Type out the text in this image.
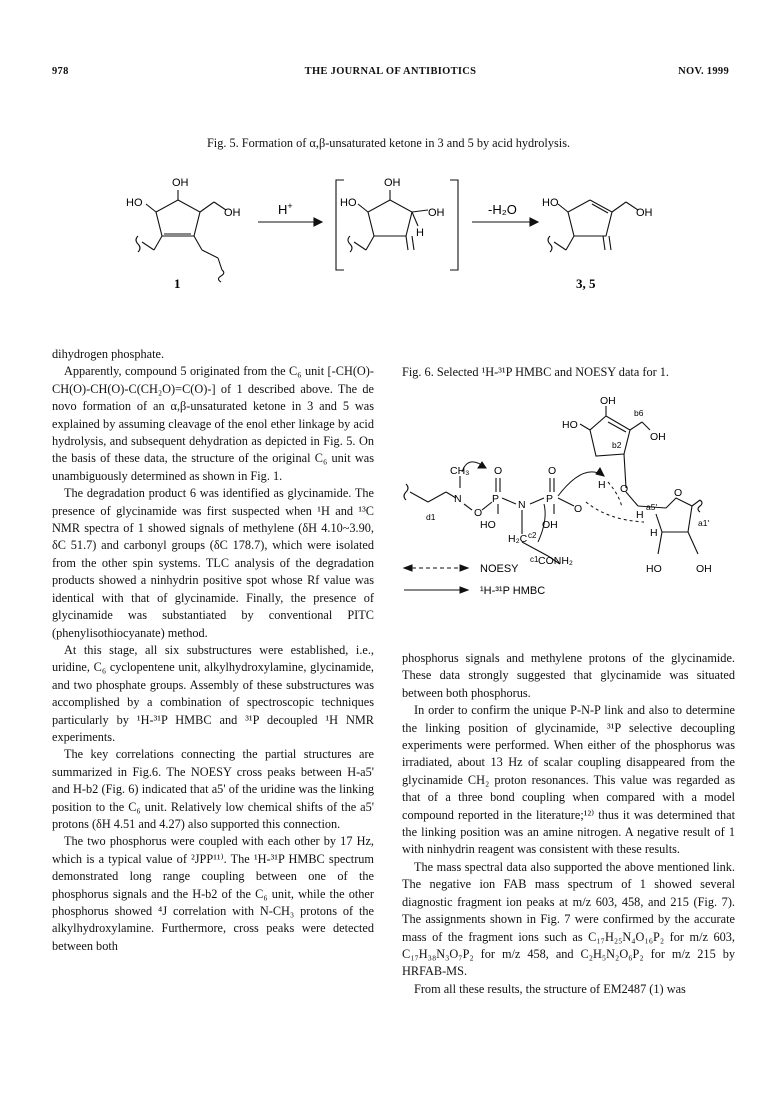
978	THE JOURNAL OF ANTIBIOTICS	NOV. 1999
Fig. 5. Formation of α,β-unsaturated ketone in 3 and 5 by acid hydrolysis.
OH
HO
OH
1
H+
OH
HO
OH
H
-H₂O HO
OH
3, 5

dihydrogen phosphate.

Apparently, compound 5 originated from the C₆ unit [-CH(O)-CH(O)-CH(O)-C(CH₂O)=C(O)-] of 1 described above. The de novo formation of an α,β-unsaturated ketone in 3 and 5 was explained by assuming cleavage of the enol ether linkage by acid hydrolysis, and subsequent dehydration as depicted in Fig. 5. On the basis of these data, the structure of the original C₆ unit was unambiguously determined as shown in Fig. 1.

The degradation product 6 was identified as glycinamide. The presence of glycinamide was first suspected when ¹H and ¹³C NMR spectra of 1 showed signals of methylene (δH 4.10~3.90, δC 51.7) and carbonyl groups (δC 178.7), which were isolated from the other spin systems. TLC analysis of the degradation products showed a ninhydrin positive spot whose Rf value was identical with that of glycinamide. Finally, the presence of glycinamide was substantiated by conventional PITC (phenylisothiocyanate) method.

At this stage, all six substructures were established, i.e., uridine, C₆ cyclopentene unit, alkylhydroxylamine, glycinamide, and two phosphate groups. Assembly of these substructures was accomplished by a combination of spectroscopic techniques particularly by ¹H-³¹P HMBC and ³¹P decoupled ¹H NMR experiments.

The key correlations connecting the partial structures are summarized in Fig.6. The NOESY cross peaks between H-a5' and H-b2 (Fig. 6) indicated that a5' of the uridine was the linking position to the C₆ unit. Relatively low chemical shifts of the a5' protons (δH 4.51 and 4.27) also supported this connection.

The two phosphorus were coupled with each other by 17 Hz, which is a typical value of ²JPP¹¹⁾. The ¹H-³¹P HMBC spectrum demonstrated long range coupling between one of the phosphorus signals and the H-b2 of the C₆ unit, while the other phosphorus showed ⁴J correlation with N-CH₃ protons of the alkylhydroxylamine. Furthermore, cross peaks were detected between both

Fig. 6. Selected ¹H-³¹P HMBC and NOESY data for 1.
OH
HO
b6
OH
b2
CH₃ O	O
N
O
P N P
O
H O
d1
HO	OH
H
a5'
H
O
a1'
H₂C c2
c1 CONH₂
HO	OH
NOESY
¹H-³¹P HMBC

phosphorus signals and methylene protons of the glycinamide. These data strongly suggested that glycinamide was situated between both phosphorus.

In order to confirm the unique P-N-P link and also to determine the linking position of glycinamide, ³¹P selective decoupling experiments were performed. When either of the phosphorus was irradiated, about 13 Hz of scalar coupling disappeared from the glycinamide CH₂ proton resonances. This value was regarded as that of a three bond coupling when compared with a model compound reported in the literature;¹²⁾ thus it was determined that the linking position was an amine nitrogen. A negative result of 1 with ninhydrin reagent was consistent with these results.

The mass spectral data also supported the above mentioned link. The negative ion FAB mass spectrum of 1 showed several diagnostic fragment ion peaks at m/z 603, 458, and 215 (Fig. 7). The assignments shown in Fig. 7 were confirmed by the accurate mass of the fragment ions such as C₁₇H₂₅N₄O₁₆P₂ for m/z 603, C₁₇H₃₈N₃O₇P₂ for m/z 458, and C₂H₅N₂O₆P₂ for m/z 215 by HRFAB-MS.

From all these results, the structure of EM2487 (1) was
